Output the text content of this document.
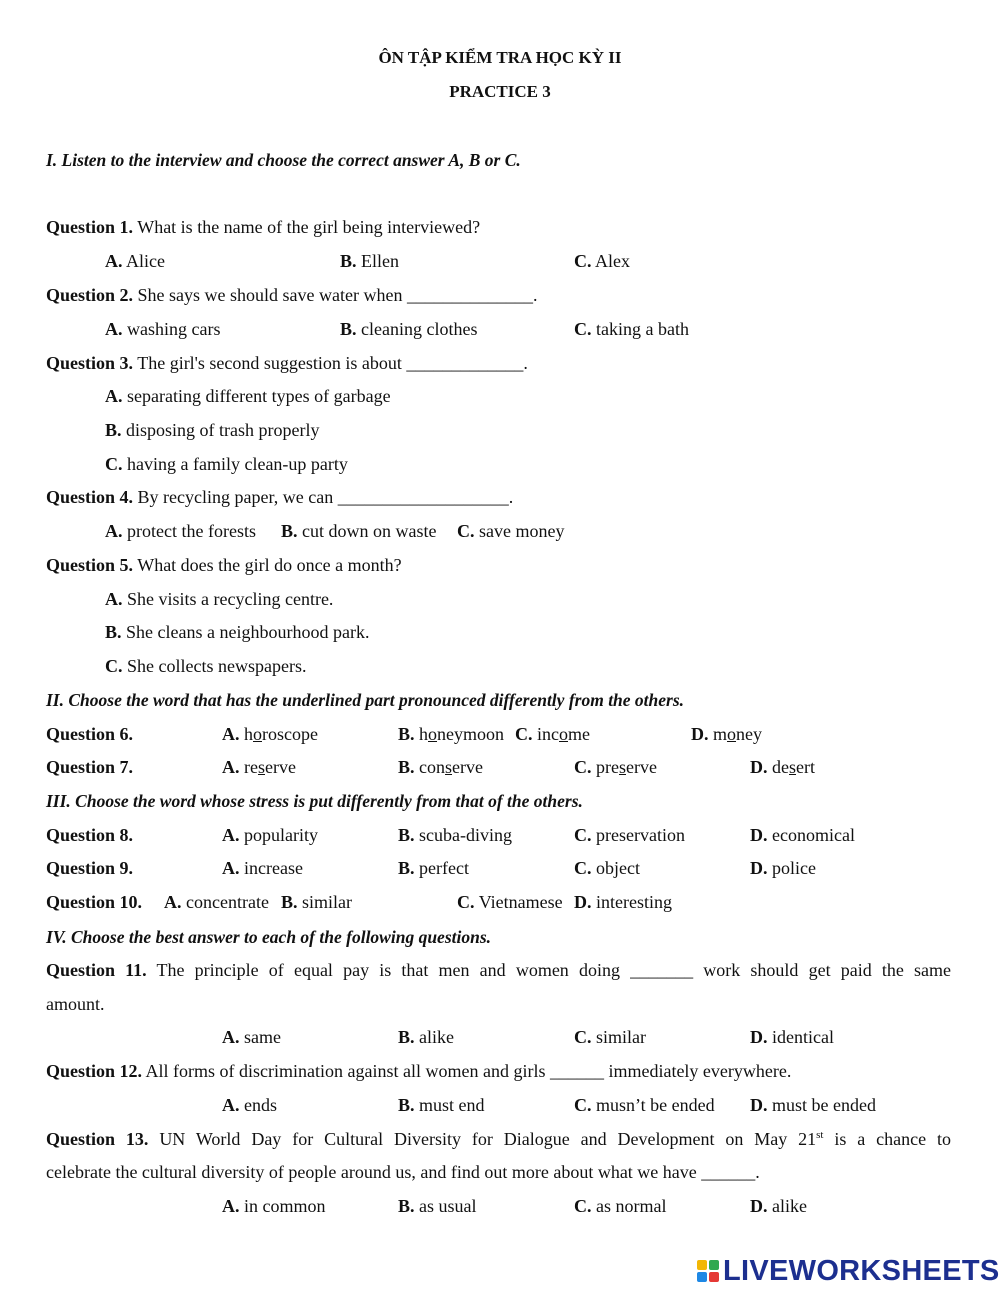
ÔN TẬP KIỂM TRA HỌC KỲ II
PRACTICE 3
I. Listen to the interview and choose the correct answer A, B or C.
Question 1. What is the name of the girl being interviewed?
A. Alice	B. Ellen	C. Alex
Question 2. She says we should save water when ______________.
A. washing cars	B. cleaning clothes	C. taking a bath
Question 3. The girl's second suggestion is about _____________.
A. separating different types of garbage
B. disposing of trash properly
C. having a family clean-up party
Question 4. By recycling paper, we can ___________________.
A. protect the forests B. cut down on waste C. save money
Question 5. What does the girl do once a month?
A. She visits a recycling centre.
B. She cleans a neighbourhood park.
C. She collects newspapers.
II. Choose the word that has the underlined part pronounced differently from the others.
Question 6.	A. horoscope	B. honeymoon C. income	D. money
Question 7.	A. reserve	B. conserve	C. preserve	D. desert
III. Choose the word whose stress is put differently from that of the others.
Question 8.	A. popularity	B. scuba-diving	C. preservation	D. economical
Question 9.	A. increase	B. perfect	C. object	D. police
Question 10. A. concentrate B. similar	C. Vietnamese D. interesting
IV. Choose the best answer to each of the following questions.
Question 11. The principle of equal pay is that men and women doing _______ work should get paid the same
amount.
A. same	B. alike	C. similar	D. identical
Question 12. All forms of discrimination against all women and girls ______ immediately everywhere.
A. ends	B. must end	C. musn’t be ended D. must be ended
Question 13. UN World Day for Cultural Diversity for Dialogue and Development on May 21st is a chance to
celebrate the cultural diversity of people around us, and find out more about what we have ______.
A. in common	B. as usual	C. as normal	D. alike
LIVEWORKSHEETS
